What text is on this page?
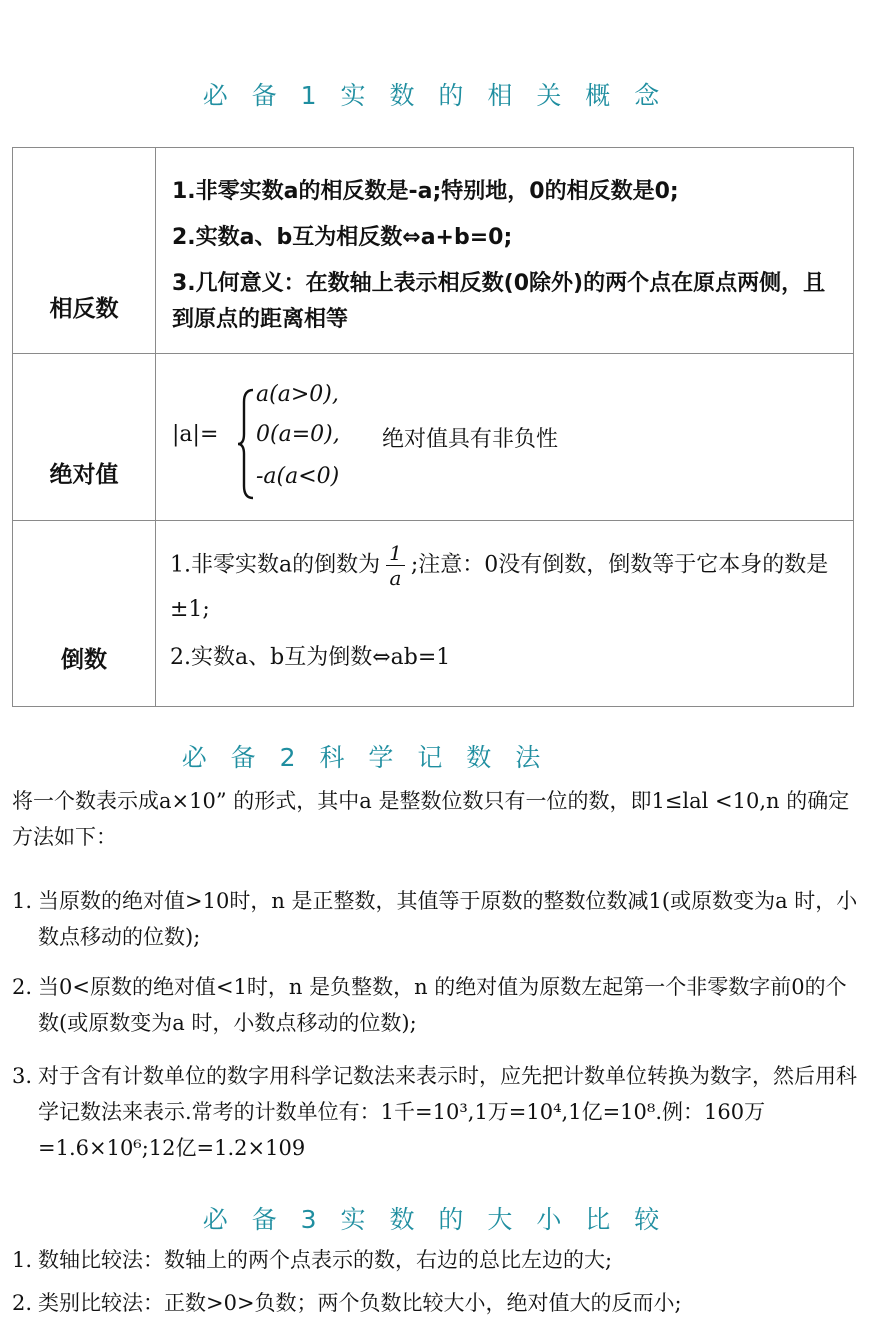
必 备 1 实 数 的 相 关 概 念
相反数	1.非零实数a的相反数是-a;特别地，0的相反数是0;

2.实数a、b互为相反数⇔a+b=0;

3.几何意义：在数轴上表示相反数(0除外)的两个点在原点两侧，且到原点的距离相等

绝对值	|a|=
a(a>0),
0(a=0),
-a(a<0)
绝对值具有非负性

倒数	1.非零实数a的倒数为 $\frac{1}{a}$ ;注意：0没有倒数，倒数等于它本身的数是±1;

2.实数a、b互为倒数⇔ab=1

必 备 2 科 学 记 数 法
将一个数表示成a×10” 的形式，其中a 是整数位数只有一位的数，即1≤lal <10,n 的确定方法如下：
1. 当原数的绝对值>10时，n 是正整数，其值等于原数的整数位数减1(或原数变为a 时，小数点移动的位数);
2. 当0<原数的绝对值<1时，n 是负整数，n 的绝对值为原数左起第一个非零数字前0的个数(或原数变为a 时，小数点移动的位数);
3. 对于含有计数单位的数字用科学记数法来表示时，应先把计数单位转换为数字，然后用科学记数法来表示.常考的计数单位有：1千=10³,1万=10⁴,1亿=10⁸.例：160万=1.6×10⁶;12亿=1.2×109
必 备 3 实 数 的 大 小 比 较
1. 数轴比较法：数轴上的两个点表示的数，右边的总比左边的大;
2. 类别比较法：正数>0>负数；两个负数比较大小，绝对值大的反而小;
